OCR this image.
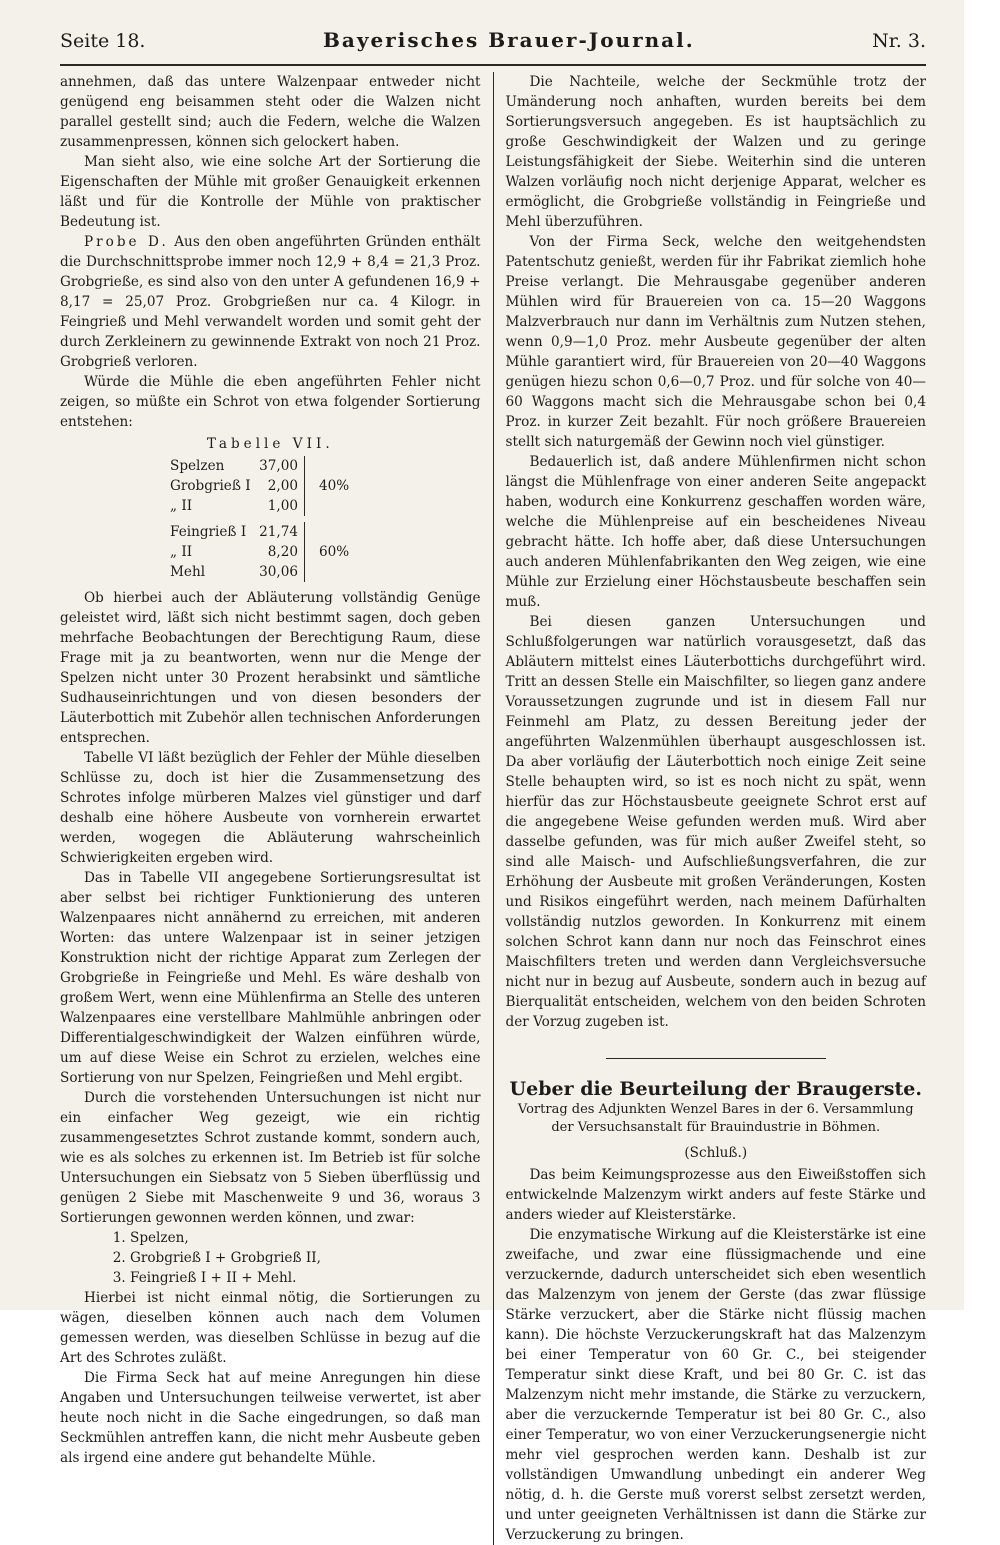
Seite 18.	Bayerisches Brauer-Journal.	Nr. 3.

annehmen, daß das untere Walzenpaar entweder nicht genügend eng beisammen steht oder die Walzen nicht parallel gestellt sind; auch die Federn, welche die Walzen zusammenpressen, können sich gelockert haben.

Man sieht also, wie eine solche Art der Sortierung die Eigenschaften der Mühle mit großer Genauigkeit erkennen läßt und für die Kontrolle der Mühle von praktischer Bedeutung ist.

Probe D. Aus den oben angeführten Gründen enthält die Durchschnittsprobe immer noch 12,9 + 8,4 = 21,3 Proz. Grobgrieße, es sind also von den unter A gefundenen 16,9 + 8,17 = 25,07 Proz. Grobgrießen nur ca. 4 Kilogr. in Feingrieß und Mehl verwandelt worden und somit geht der durch Zerkleinern zu gewinnende Extrakt von noch 21 Proz. Grobgrieß verloren.

Würde die Mühle die eben angeführten Fehler nicht zeigen, so müßte ein Schrot von etwa folgender Sortierung entstehen:

Tabelle VII.
Spelzen	37,00
Grobgrieß I	2,00
„ II	1,00
40%
Feingrieß I 21,74
„ II	8,20
Mehl	30,06
60%

Ob hierbei auch der Abläuterung vollständig Genüge geleistet wird, läßt sich nicht bestimmt sagen, doch geben mehrfache Beobachtungen der Berechtigung Raum, diese Frage mit ja zu beantworten, wenn nur die Menge der Spelzen nicht unter 30 Prozent herabsinkt und sämtliche Sudhauseinrichtungen und von diesen besonders der Läuterbottich mit Zubehör allen technischen Anforderungen entsprechen.

Tabelle VI läßt bezüglich der Fehler der Mühle dieselben Schlüsse zu, doch ist hier die Zusammensetzung des Schrotes infolge mürberen Malzes viel günstiger und darf deshalb eine höhere Ausbeute von vornherein erwartet werden, wogegen die Abläuterung wahrscheinlich Schwierigkeiten ergeben wird.

Das in Tabelle VII angegebene Sortierungsresultat ist aber selbst bei richtiger Funktionierung des unteren Walzenpaares nicht annähernd zu erreichen, mit anderen Worten: das untere Walzenpaar ist in seiner jetzigen Konstruktion nicht der richtige Apparat zum Zerlegen der Grobgrieße in Feingrieße und Mehl. Es wäre deshalb von großem Wert, wenn eine Mühlenfirma an Stelle des unteren Walzenpaares eine verstellbare Mahlmühle anbringen oder Differentialgeschwindigkeit der Walzen einführen würde, um auf diese Weise ein Schrot zu erzielen, welches eine Sortierung von nur Spelzen, Feingrießen und Mehl ergibt.

Durch die vorstehenden Untersuchungen ist nicht nur ein einfacher Weg gezeigt, wie ein richtig zusammengesetztes Schrot zustande kommt, sondern auch, wie es als solches zu erkennen ist. Im Betrieb ist für solche Untersuchungen ein Siebsatz von 5 Sieben überflüssig und genügen 2 Siebe mit Maschenweite 9 und 36, woraus 3 Sortierungen gewonnen werden können, und zwar:

1. Spelzen,
2. Grobgrieß I + Grobgrieß II,
3. Feingrieß I + II + Mehl.

Hierbei ist nicht einmal nötig, die Sortierungen zu wägen, dieselben können auch nach dem Volumen gemessen werden, was dieselben Schlüsse in bezug auf die Art des Schrotes zuläßt.

Die Firma Seck hat auf meine Anregungen hin diese Angaben und Untersuchungen teilweise verwertet, ist aber heute noch nicht in die Sache eingedrungen, so daß man Seckmühlen antreffen kann, die nicht mehr Ausbeute geben als irgend eine andere gut behandelte Mühle.

Die Nachteile, welche der Seckmühle trotz der Umänderung noch anhaften, wurden bereits bei dem Sortierungsversuch angegeben. Es ist hauptsächlich zu große Geschwindigkeit der Walzen und zu geringe Leistungsfähigkeit der Siebe. Weiterhin sind die unteren Walzen vorläufig noch nicht derjenige Apparat, welcher es ermöglicht, die Grobgrieße vollständig in Feingrieße und Mehl überzuführen.

Von der Firma Seck, welche den weitgehendsten Patentschutz genießt, werden für ihr Fabrikat ziemlich hohe Preise verlangt. Die Mehrausgabe gegenüber anderen Mühlen wird für Brauereien von ca. 15—20 Waggons Malzverbrauch nur dann im Verhältnis zum Nutzen stehen, wenn 0,9—1,0 Proz. mehr Ausbeute gegenüber der alten Mühle garantiert wird, für Brauereien von 20—40 Waggons genügen hiezu schon 0,6—0,7 Proz. und für solche von 40—60 Waggons macht sich die Mehrausgabe schon bei 0,4 Proz. in kurzer Zeit bezahlt. Für noch größere Brauereien stellt sich naturgemäß der Gewinn noch viel günstiger.

Bedauerlich ist, daß andere Mühlenfirmen nicht schon längst die Mühlenfrage von einer anderen Seite angepackt haben, wodurch eine Konkurrenz geschaffen worden wäre, welche die Mühlenpreise auf ein bescheidenes Niveau gebracht hätte. Ich hoffe aber, daß diese Untersuchungen auch anderen Mühlenfabrikanten den Weg zeigen, wie eine Mühle zur Erzielung einer Höchstausbeute beschaffen sein muß.

Bei diesen ganzen Untersuchungen und Schlußfolgerungen war natürlich vorausgesetzt, daß das Abläutern mittelst eines Läuterbottichs durchgeführt wird. Tritt an dessen Stelle ein Maischfilter, so liegen ganz andere Voraussetzungen zugrunde und ist in diesem Fall nur Feinmehl am Platz, zu dessen Bereitung jeder der angeführten Walzenmühlen überhaupt ausgeschlossen ist. Da aber vorläufig der Läuterbottich noch einige Zeit seine Stelle behaupten wird, so ist es noch nicht zu spät, wenn hierfür das zur Höchstausbeute geeignete Schrot erst auf die angegebene Weise gefunden werden muß. Wird aber dasselbe gefunden, was für mich außer Zweifel steht, so sind alle Maisch- und Aufschließungsverfahren, die zur Erhöhung der Ausbeute mit großen Veränderungen, Kosten und Risikos eingeführt werden, nach meinem Dafürhalten vollständig nutzlos geworden. In Konkurrenz mit einem solchen Schrot kann dann nur noch das Feinschrot eines Maischfilters treten und werden dann Vergleichsversuche nicht nur in bezug auf Ausbeute, sondern auch in bezug auf Bierqualität entscheiden, welchem von den beiden Schroten der Vorzug zugeben ist.

Ueber die Beurteilung der Braugerste.
Vortrag des Adjunkten Wenzel Bares in der 6. Versammlung der Versuchsanstalt für Brauindustrie in Böhmen.
(Schluß.)

Das beim Keimungsprozesse aus den Eiweißstoffen sich entwickelnde Malzenzym wirkt anders auf feste Stärke und anders wieder auf Kleisterstärke.

Die enzymatische Wirkung auf die Kleisterstärke ist eine zweifache, und zwar eine flüssigmachende und eine verzuckernde, dadurch unterscheidet sich eben wesentlich das Malzenzym von jenem der Gerste (das zwar flüssige Stärke verzuckert, aber die Stärke nicht flüssig machen kann). Die höchste Verzuckerungskraft hat das Malzenzym bei einer Temperatur von 60 Gr. C., bei steigender Temperatur sinkt diese Kraft, und bei 80 Gr. C. ist das Malzenzym nicht mehr imstande, die Stärke zu verzuckern, aber die verzuckernde Temperatur ist bei 80 Gr. C., also einer Temperatur, wo von einer Verzuckerungsenergie nicht mehr viel gesprochen werden kann. Deshalb ist zur vollständigen Umwandlung unbedingt ein anderer Weg nötig, d. h. die Gerste muß vorerst selbst zersetzt werden, und unter geeigneten Verhältnissen ist dann die Stärke zur Verzuckerung zu bringen.
